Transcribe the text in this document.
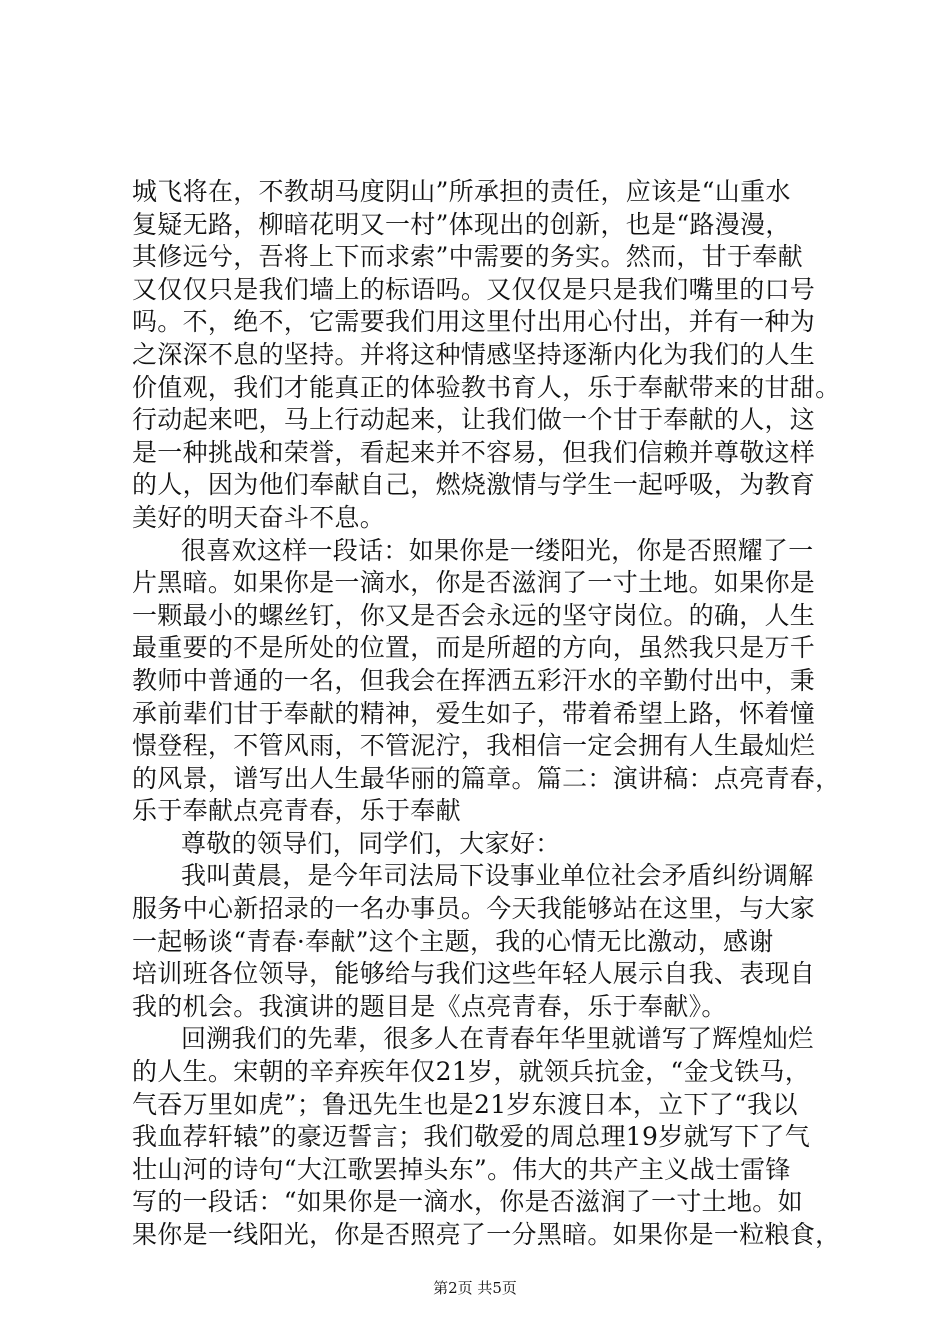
城飞将在，不教胡马度阴山”所承担的责任，应该是“山重水
复疑无路，柳暗花明又一村”体现出的创新，也是“路漫漫，
其修远兮，吾将上下而求索”中需要的务实。然而，甘于奉献
又仅仅只是我们墙上的标语吗。又仅仅是只是我们嘴里的口号
吗。不，绝不，它需要我们用这里付出用心付出，并有一种为
之深深不息的坚持。并将这种情感坚持逐渐内化为我们的人生
价值观，我们才能真正的体验教书育人，乐于奉献带来的甘甜。
行动起来吧，马上行动起来，让我们做一个甘于奉献的人，这
是一种挑战和荣誉，看起来并不容易，但我们信赖并尊敬这样
的人，因为他们奉献自己，燃烧激情与学生一起呼吸，为教育
美好的明天奋斗不息。
很喜欢这样一段话：如果你是一缕阳光，你是否照耀了一
片黑暗。如果你是一滴水，你是否滋润了一寸土地。如果你是
一颗最小的螺丝钉，你又是否会永远的坚守岗位。的确，人生
最重要的不是所处的位置，而是所超的方向，虽然我只是万千
教师中普通的一名，但我会在挥洒五彩汗水的辛勤付出中，秉
承前辈们甘于奉献的精神，爱生如子，带着希望上路，怀着憧
憬登程，不管风雨，不管泥泞，我相信一定会拥有人生最灿烂
的风景，谱写出人生最华丽的篇章。篇二：演讲稿：点亮青春，
乐于奉献点亮青春，乐于奉献
尊敬的领导们，同学们，大家好：
我叫黄晨，是今年司法局下设事业单位社会矛盾纠纷调解
服务中心新招录的一名办事员。今天我能够站在这里，与大家
一起畅谈“青春·奉献”这个主题，我的心情无比激动，感谢
培训班各位领导，能够给与我们这些年轻人展示自我、表现自
我的机会。我演讲的题目是《点亮青春，乐于奉献》。
回溯我们的先辈，很多人在青春年华里就谱写了辉煌灿烂
的人生。宋朝的辛弃疾年仅21岁，就领兵抗金，“金戈铁马，
气吞万里如虎”；鲁迅先生也是21岁东渡日本，立下了“我以
我血荐轩辕”的豪迈誓言；我们敬爱的周总理19岁就写下了气
壮山河的诗句“大江歌罢掉头东”。伟大的共产主义战士雷锋
写的一段话：“如果你是一滴水，你是否滋润了一寸土地。如
果你是一线阳光，你是否照亮了一分黑暗。如果你是一粒粮食，
第2页 共5页
